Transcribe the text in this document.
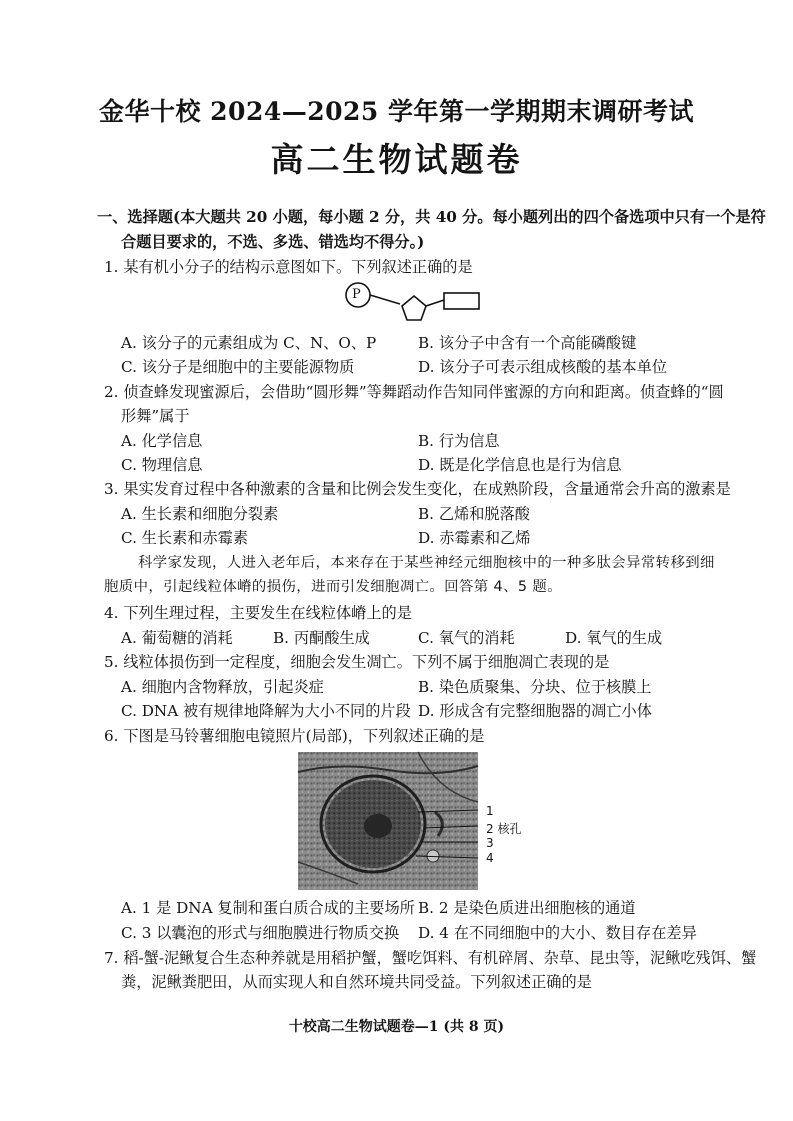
金华十校 2024—2025 学年第一学期期末调研考试
高二生物试题卷
一、选择题(本大题共 20 小题，每小题 2 分，共 40 分。每小题列出的四个备选项中只有一个是符
合题目要求的，不选、多选、错选均不得分。)
1. 某有机小分子的结构示意图如下。下列叙述正确的是
P
A. 该分子的元素组成为 C、N、O、P	B. 该分子中含有一个高能磷酸键
C. 该分子是细胞中的主要能源物质	D. 该分子可表示组成核酸的基本单位
2. 侦查蜂发现蜜源后，会借助“圆形舞”等舞蹈动作告知同伴蜜源的方向和距离。侦查蜂的“圆
形舞”属于
A. 化学信息	B. 行为信息
C. 物理信息	D. 既是化学信息也是行为信息
3. 果实发育过程中各种激素的含量和比例会发生变化，在成熟阶段，含量通常会升高的激素是
A. 生长素和细胞分裂素	B. 乙烯和脱落酸
C. 生长素和赤霉素	D. 赤霉素和乙烯
科学家发现，人进入老年后，本来存在于某些神经元细胞核中的一种多肽会异常转移到细
胞质中，引起线粒体嵴的损伤，进而引发细胞凋亡。回答第 4、5 题。
4. 下列生理过程，主要发生在线粒体嵴上的是
A. 葡萄糖的消耗	B. 丙酮酸生成	C. 氧气的消耗	D. 氧气的生成
5. 线粒体损伤到一定程度，细胞会发生凋亡。下列不属于细胞凋亡表现的是
A. 细胞内含物释放，引起炎症	B. 染色质聚集、分块、位于核膜上
C. DNA 被有规律地降解为大小不同的片段 D. 形成含有完整细胞器的凋亡小体
6. 下图是马铃薯细胞电镜照片(局部)，下列叙述正确的是
1
2 核孔
3
4
A. 1 是 DNA 复制和蛋白质合成的主要场所 B. 2 是染色质进出细胞核的通道
C. 3 以囊泡的形式与细胞膜进行物质交换 D. 4 在不同细胞中的大小、数目存在差异
7. 稻-蟹-泥鳅复合生态种养就是用稻护蟹，蟹吃饵料、有机碎屑、杂草、昆虫等，泥鳅吃残饵、蟹
粪，泥鳅粪肥田，从而实现人和自然环境共同受益。下列叙述正确的是
十校高二生物试题卷—1 (共 8 页)
